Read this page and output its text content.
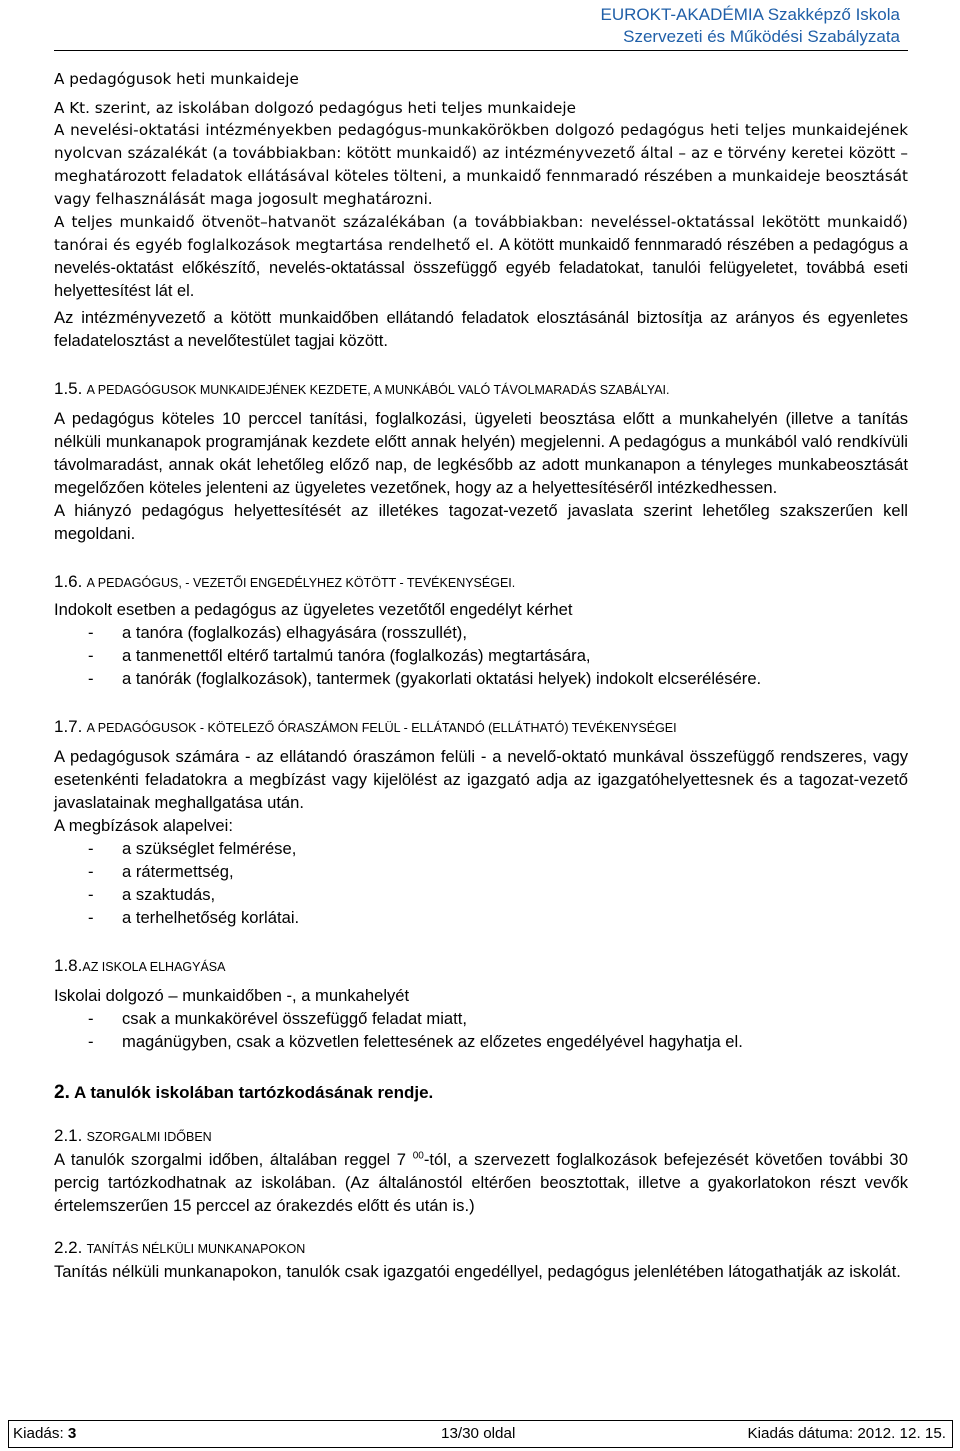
EUROKT-AKADÉMIA Szakképző Iskola
Szervezeti és Működési Szabályzata

A pedagógusok heti munkaideje

A Kt. szerint, az iskolában dolgozó pedagógus heti teljes munkaideje

A nevelési-oktatási intézményekben pedagógus-munkakörökben dolgozó pedagógus heti teljes munkaidejének nyolcvan százalékát (a továbbiakban: kötött munkaidő) az intézményvezető által – az e törvény keretei között – meghatározott feladatok ellátásával köteles tölteni, a munkaidő fennmaradó részében a munkaideje beosztását vagy felhasználását maga jogosult meghatározni.

A teljes munkaidő ötvenöt–hatvanöt százalékában (a továbbiakban: neveléssel-oktatással lekötött munkaidő) tanórai és egyéb foglalkozások megtartása rendelhető el. A kötött munkaidő fennmaradó részében a pedagógus a nevelés-oktatást előkészítő, nevelés-oktatással összefüggő egyéb feladatokat, tanulói felügyeletet, továbbá eseti helyettesítést lát el.

Az intézményvezető a kötött munkaidőben ellátandó feladatok elosztásánál biztosítja az arányos és egyenletes feladatelosztást a nevelőtestület tagjai között.

1.5. A PEDAGÓGUSOK MUNKAIDEJÉNEK KEZDETE, A MUNKÁBÓL VALÓ TÁVOLMARADÁS SZABÁLYAI.

A pedagógus köteles 10 perccel tanítási, foglalkozási, ügyeleti beosztása előtt a munkahelyén (illetve a tanítás nélküli munkanapok programjának kezdete előtt annak helyén) megjelenni. A pedagógus a munkából való rendkívüli távolmaradást, annak okát lehetőleg előző nap, de legkésőbb az adott munkanapon a tényleges munkabeosztását megelőzően köteles jelenteni az ügyeletes vezetőnek, hogy az a helyettesítéséről intézkedhessen.

A hiányzó pedagógus helyettesítését az illetékes tagozat-vezető javaslata szerint lehetőleg szakszerűen kell megoldani.

1.6. A PEDAGÓGUS, - VEZETŐI ENGEDÉLYHEZ KÖTÖTT - TEVÉKENYSÉGEI.

Indokolt esetben a pedagógus az ügyeletes vezetőtől engedélyt kérhet

- a tanóra (foglalkozás) elhagyására (rosszullét),
- a tanmenettől eltérő tartalmú tanóra (foglalkozás) megtartására,
- a tanórák (foglalkozások), tantermek (gyakorlati oktatási helyek) indokolt elcserélésére.

1.7. A PEDAGÓGUSOK - KÖTELEZŐ ÓRASZÁMON FELÜL - ELLÁTANDÓ (ELLÁTHATÓ) TEVÉKENYSÉGEI

A pedagógusok számára - az ellátandó óraszámon felüli - a nevelő-oktató munkával összefüggő rendszeres, vagy esetenkénti feladatokra a megbízást vagy kijelölést az igazgató adja az igazgatóhelyettesnek és a tagozat-vezető javaslatainak meghallgatása után.

A megbízások alapelvei:

- a szükséglet felmérése,
- a rátermettség,
- a szaktudás,
- a terhelhetőség korlátai.

1.8.AZ ISKOLA ELHAGYÁSA

Iskolai dolgozó – munkaidőben -, a munkahelyét

- csak a munkakörével összefüggő feladat miatt,
- magánügyben, csak a közvetlen felettesének az előzetes engedélyével hagyhatja el.

2. A tanulók iskolában tartózkodásának rendje.

2.1. SZORGALMI IDŐBEN

A tanulók szorgalmi időben, általában reggel 7 $^{00}$-tól, a szervezett foglalkozások befejezését követően további 30 percig tartózkodhatnak az iskolában. (Az általánostól eltérően beosztottak, illetve a gyakorlatokon részt vevők értelemszerűen 15 perccel az órakezdés előtt és után is.)

2.2. TANÍTÁS NÉLKÜLI MUNKANAPOKON

Tanítás nélküli munkanapokon, tanulók csak igazgatói engedéllyel, pedagógus jelenlétében látogathatják az iskolát.

Kiadás: 3	13/30 oldal	Kiadás dátuma: 2012. 12. 15.
